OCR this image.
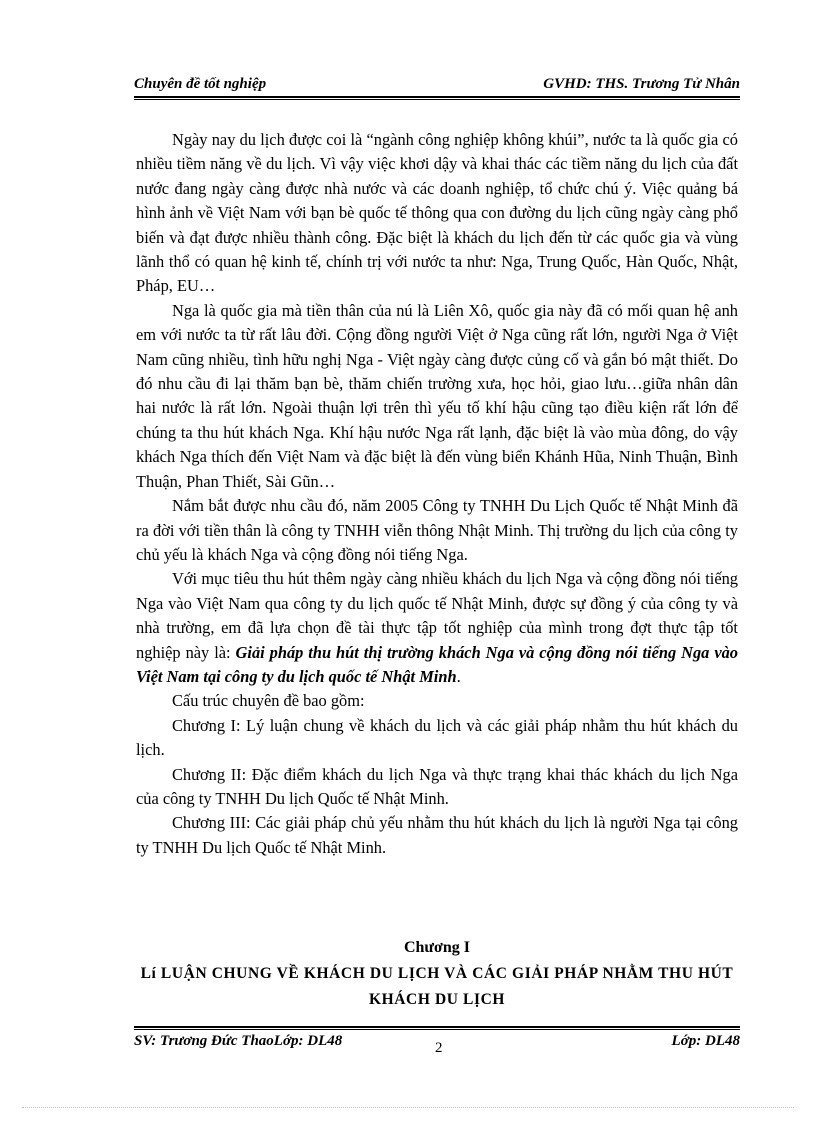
Chuyên đề tốt nghiệp	GVHD: THS. Trương Tử Nhân

Ngày nay du lịch được coi là “ngành công nghiệp không khúi”, nước ta là quốc gia có nhiều tiềm năng về du lịch. Vì vậy việc khơi dậy và khai thác các tiềm năng du lịch của đất nước đang ngày càng được nhà nước và các doanh nghiệp, tổ chức chú ý. Việc quảng bá hình ảnh về Việt Nam với bạn bè quốc tế thông qua con đường du lịch cũng ngày càng phổ biến và đạt được nhiều thành công. Đặc biệt là khách du lịch đến từ các quốc gia và vùng lãnh thổ có quan hệ kinh tế, chính trị với nước ta như: Nga, Trung Quốc, Hàn Quốc, Nhật, Pháp, EU…

Nga là quốc gia mà tiền thân của nú là Liên Xô, quốc gia này đã có mối quan hệ anh em với nước ta từ rất lâu đời. Cộng đồng người Việt ở Nga cũng rất lớn, người Nga ở Việt Nam cũng nhiều, tình hữu nghị Nga - Việt ngày càng được củng cố và gắn bó mật thiết. Do đó nhu cầu đi lại thăm bạn bè, thăm chiến trường xưa, học hỏi, giao lưu…giữa nhân dân hai nước là rất lớn. Ngoài thuận lợi trên thì yếu tố khí hậu cũng tạo điều kiện rất lớn để chúng ta thu hút khách Nga. Khí hậu nước Nga rất lạnh, đặc biệt là vào mùa đông, do vậy khách Nga thích đến Việt Nam và đặc biệt là đến vùng biển Khánh Hũa, Ninh Thuận, Bình Thuận, Phan Thiết, Sài Gũn…

Nắm bắt được nhu cầu đó, năm 2005 Công ty TNHH Du Lịch Quốc tế Nhật Minh đã ra đời với tiền thân là công ty TNHH viễn thông Nhật Minh. Thị trường du lịch của công ty chủ yếu là khách Nga và cộng đồng nói tiếng Nga.

Với mục tiêu thu hút thêm ngày càng nhiều khách du lịch Nga và cộng đồng nói tiếng Nga vào Việt Nam qua công ty du lịch quốc tế Nhật Minh, được sự đồng ý của công ty và nhà trường, em đã lựa chọn đề tài thực tập tốt nghiệp của mình trong đợt thực tập tốt nghiệp này là: Giải pháp thu hút thị trường khách Nga và cộng đồng nói tiếng Nga vào Việt Nam tại công ty du lịch quốc tế Nhật Minh.

Cấu trúc chuyên đề bao gồm:

Chương I: Lý luận chung về khách du lịch và các giải pháp nhằm thu hút khách du lịch.

Chương II: Đặc điểm khách du lịch Nga và thực trạng khai thác khách du lịch Nga của công ty TNHH Du lịch Quốc tế Nhật Minh.

Chương III: Các giải pháp chủ yếu nhằm thu hút khách du lịch là người Nga tại công ty TNHH Du lịch Quốc tế Nhật Minh.

Chương I
Lí LUẬN CHUNG VỀ KHÁCH DU LỊCH VÀ CÁC GIẢI PHÁP NHẰM THU HÚT KHÁCH DU LỊCH
SV: Trương Đức ThaoLớp: DL48	Lớp: DL48
2
